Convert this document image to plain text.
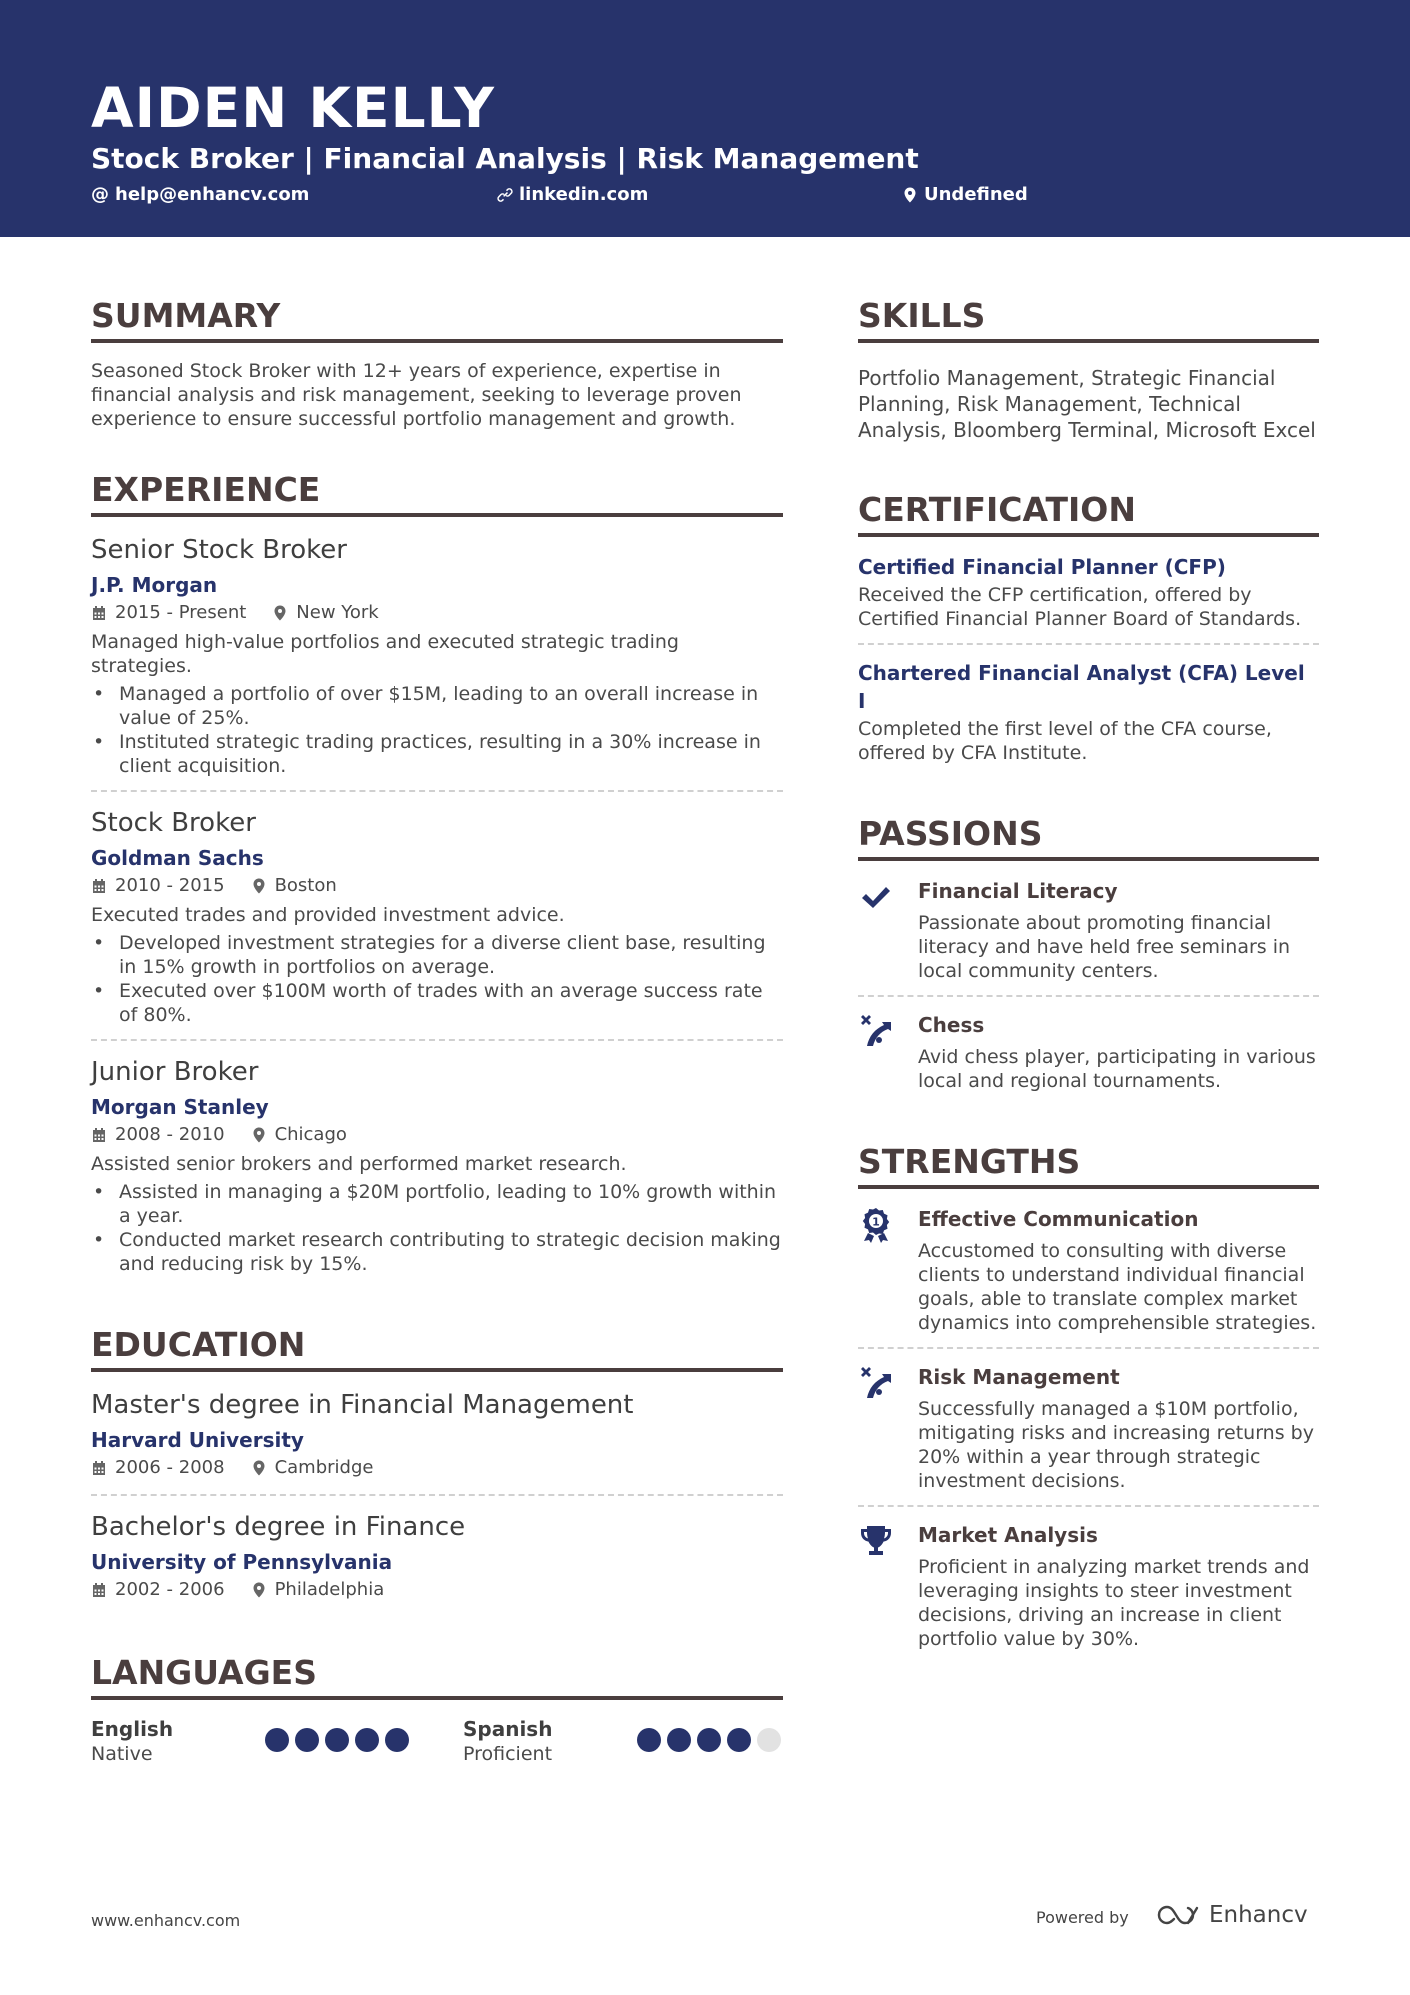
AIDEN KELLY
Stock Broker | Financial Analysis | Risk Management
@ help@enhancv.com	linkedin.com	Undefined
SUMMARY
Seasoned Stock Broker with 12+ years of experience, expertise in financial analysis and risk management, seeking to leverage proven experience to ensure successful portfolio management and growth.
EXPERIENCE
Senior Stock Broker
J.P. Morgan
2015 - Present	New York
Managed high-value portfolios and executed strategic trading strategies.
• Managed a portfolio of over $15M, leading to an overall increase in value of 25%.
• Instituted strategic trading practices, resulting in a 30% increase in client acquisition.
Stock Broker
Goldman Sachs
2010 - 2015	Boston
Executed trades and provided investment advice.
• Developed investment strategies for a diverse client base, resulting in 15% growth in portfolios on average.
• Executed over $100M worth of trades with an average success rate of 80%.
Junior Broker
Morgan Stanley
2008 - 2010	Chicago
Assisted senior brokers and performed market research.
• Assisted in managing a $20M portfolio, leading to 10% growth within a year.
• Conducted market research contributing to strategic decision making and reducing risk by 15%.
EDUCATION
Master's degree in Financial Management
Harvard University
2006 - 2008	Cambridge
Bachelor's degree in Finance
University of Pennsylvania
2002 - 2006	Philadelphia
LANGUAGES
English
Native
Spanish
Proficient
SKILLS
Portfolio Management, Strategic Financial Planning, Risk Management, Technical Analysis, Bloomberg Terminal, Microsoft Excel
CERTIFICATION
Certified Financial Planner (CFP)
Received the CFP certification, offered by Certified Financial Planner Board of Standards.
Chartered Financial Analyst (CFA) Level I
Completed the first level of the CFA course, offered by CFA Institute.
PASSIONS
Financial Literacy
Passionate about promoting financial literacy and have held free seminars in local community centers.
Chess
Avid chess player, participating in various local and regional tournaments.
STRENGTHS
1 Effective Communication
Accustomed to consulting with diverse clients to understand individual financial goals, able to translate complex market dynamics into comprehensible strategies.
Risk Management
Successfully managed a $10M portfolio, mitigating risks and increasing returns by 20% within a year through strategic investment decisions.
Market Analysis
Proficient in analyzing market trends and leveraging insights to steer investment decisions, driving an increase in client portfolio value by 30%.
www.enhancv.com	Powered by	Enhancv
